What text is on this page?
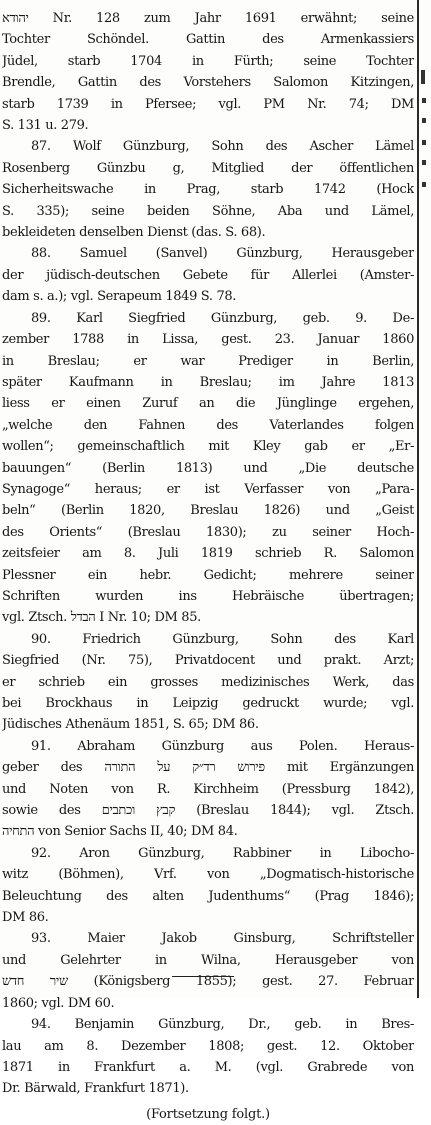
יהודא Nr. 128 zum Jahr 1691 erwähnt; seine
Tochter Schöndel. Gattin des Armenkassiers
Jüdel, starb 1704 in Fürth; seine Tochter
Brendle, Gattin des Vorstehers Salomon Kitzingen,
starb 1739 in Pfersee; vgl. PM Nr. 74; DM
S. 131 u. 279.
87. Wolf Günzburg, Sohn des Ascher Lämel
Rosenberg Günzbu g, Mitglied der öffentlichen
Sicherheitswache in Prag, starb 1742 (Hock
S. 335); seine beiden Söhne, Aba und Lämel,
bekleideten denselben Dienst (das. S. 68).
88. Samuel (Sanvel) Günzburg, Herausgeber
der jüdisch-deutschen Gebete für Allerlei (Amster-
dam s. a.); vgl. Serapeum 1849 S. 78.
89. Karl Siegfried Günzburg, geb. 9. De-
zember 1788 in Lissa, gest. 23. Januar 1860
in Breslau; er war Prediger in Berlin,
später Kaufmann in Breslau; im Jahre 1813
liess er einen Zuruf an die Jünglinge ergehen,
„welche den Fahnen des Vaterlandes folgen
wollen“; gemeinschaftlich mit Kley gab er „Er-
bauungen“ (Berlin 1813) und „Die deutsche
Synagoge“ heraus; er ist Verfasser von „Para-
beln“ (Berlin 1820, Breslau 1826) und „Geist
des Orients“ (Breslau 1830); zu seiner Hoch-
zeitsfeier am 8. Juli 1819 schrieb R. Salomon
Plessner ein hebr. Gedicht; mehrere seiner
Schriften wurden ins Hebräische übertragen;
vgl. Ztsch. הבדל I Nr. 10; DM 85.
90. Friedrich Günzburg, Sohn des Karl
Siegfried (Nr. 75), Privatdocent und prakt. Arzt;
er schrieb ein grosses medizinisches Werk, das
bei Brockhaus in Leipzig gedruckt wurde; vgl.
Jüdisches Athenäum 1851, S. 65; DM 86.
91. Abraham Günzburg aus Polen. Heraus-
geber des פירוש רד״ק על התורה mit Ergänzungen
und Noten von R. Kirchheim (Pressburg 1842),
sowie des קבץ וכתבים (Breslau 1844); vgl. Ztsch.
התחיה von Senior Sachs II, 40; DM 84.
92. Aron Günzburg, Rabbiner in Libocho-
witz (Böhmen), Vrf. von „Dogmatisch-historische
Beleuchtung des alten Judenthums“ (Prag 1846);
DM 86.
93. Maier Jakob Ginsburg, Schriftsteller
und Gelehrter in Wilna, Herausgeber von
שיר חדש (Königsberg 1855); gest. 27. Februar
1860; vgl. DM 60.
94. Benjamin Günzburg, Dr., geb. in Bres-
lau am 8. Dezember 1808; gest. 12. Oktober
1871 in Frankfurt a. M. (vgl. Grabrede von
Dr. Bärwald, Frankfurt 1871).
(Fortsetzung folgt.)
